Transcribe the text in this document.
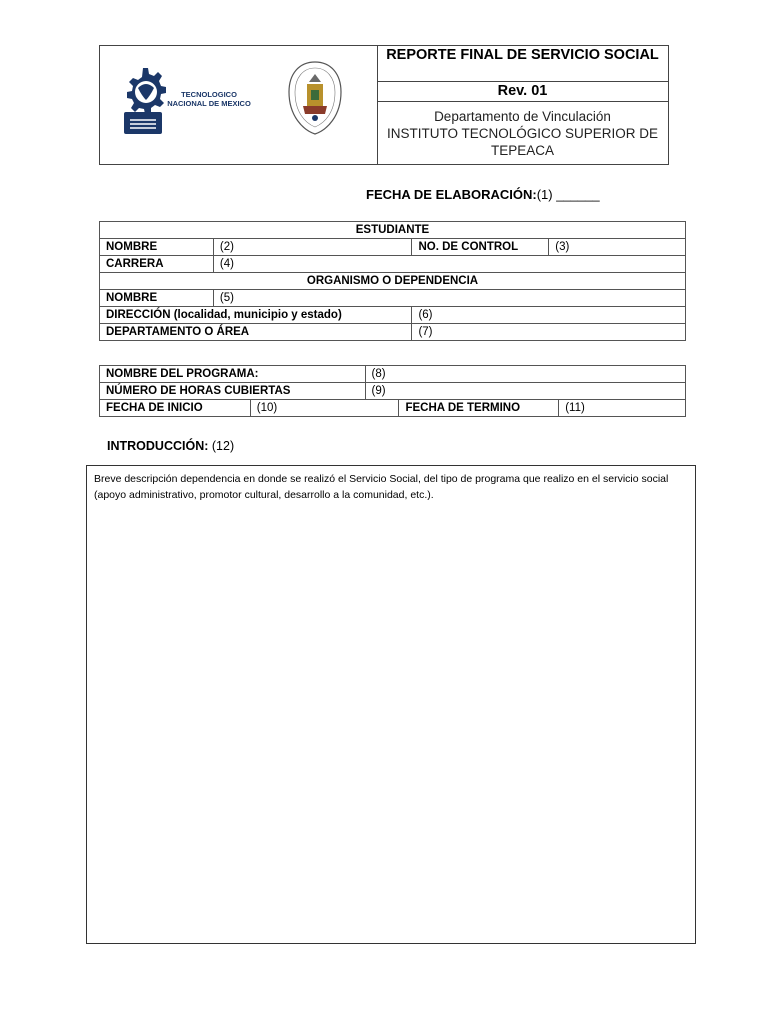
TECNOLOGICO NACIONAL DE MEXICO
REPORTE FINAL DE SERVICIO SOCIAL
Rev. 01
Departamento de Vinculación
INSTITUTO TECNOLÓGICO SUPERIOR DE TEPEACA
FECHA DE ELABORACIÓN:(1) ______
ESTUDIANTE			
NOMBRE	(2)	NO. DE CONTROL	(3)
CARRERA	(4)		
ORGANISMO O DEPENDENCIA			
NOMBRE	(5)		
DIRECCIÓN (localidad, municipio y estado)		(6)	
DEPARTAMENTO O ÁREA		(7)	
NOMBRE DEL PROGRAMA:		(8)		
NÚMERO DE HORAS CUBIERTAS		(9)		
FECHA DE INICIO	(10)		FECHA DE TERMINO	(11)
INTRODUCCIÓN: (12)
Breve descripción dependencia en donde se realizó el Servicio Social, del tipo de programa que realizo en el servicio social (apoyo administrativo, promotor cultural, desarrollo a la comunidad, etc.).
